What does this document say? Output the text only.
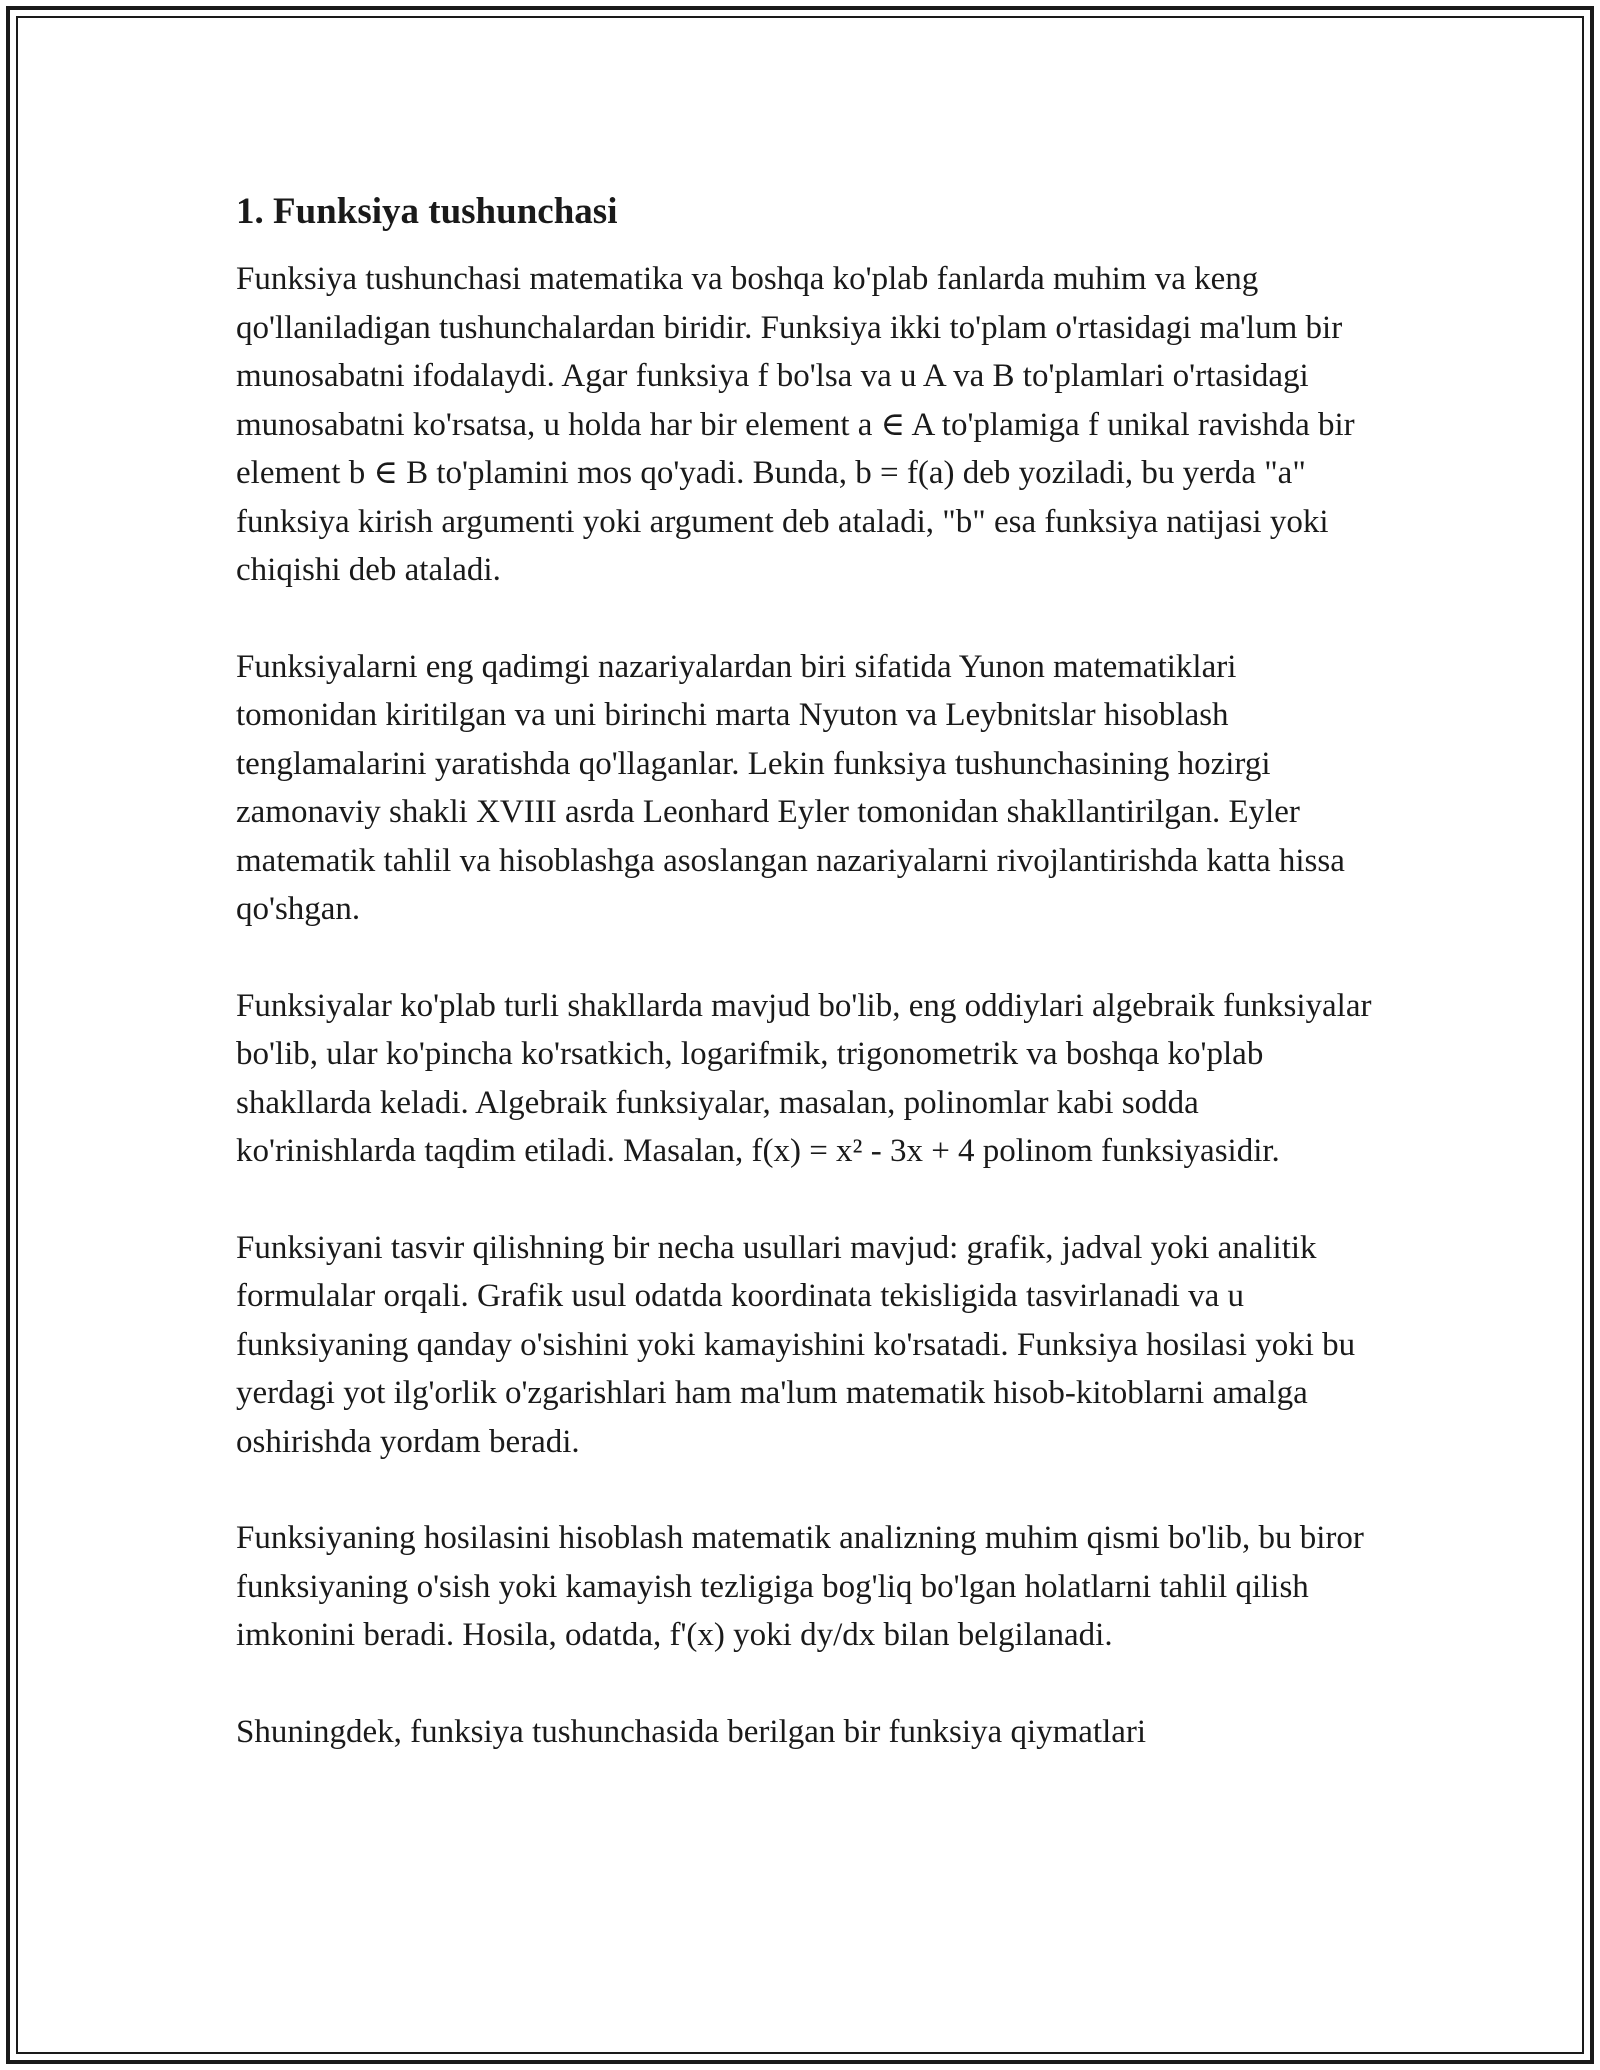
1. Funksiya tushunchasi

Funksiya tushunchasi matematika va boshqa ko'plab fanlarda muhim va keng qo'llaniladigan tushunchalardan biridir. Funksiya ikki to'plam o'rtasidagi ma'lum bir munosabatni ifodalaydi. Agar funksiya f bo'lsa va u A va B to'plamlari o'rtasidagi munosabatni ko'rsatsa, u holda har bir element a ∈ A to'plamiga f unikal ravishda bir element b ∈ B to'plamini mos qo'yadi. Bunda, b = f(a) deb yoziladi, bu yerda "a" funksiya kirish argumenti yoki argument deb ataladi, "b" esa funksiya natijasi yoki chiqishi deb ataladi.

Funksiyalarni eng qadimgi nazariyalardan biri sifatida Yunon matematiklari tomonidan kiritilgan va uni birinchi marta Nyuton va Leybnitslar hisoblash tenglamalarini yaratishda qo'llaganlar. Lekin funksiya tushunchasining hozirgi zamonaviy shakli XVIII asrda Leonhard Eyler tomonidan shakllantirilgan. Eyler matematik tahlil va hisoblashga asoslangan nazariyalarni rivojlantirishda katta hissa qo'shgan.

Funksiyalar ko'plab turli shakllarda mavjud bo'lib, eng oddiylari algebraik funksiyalar bo'lib, ular ko'pincha ko'rsatkich, logarifmik, trigonometrik va boshqa ko'plab shakllarda keladi. Algebraik funksiyalar, masalan, polinomlar kabi sodda ko'rinishlarda taqdim etiladi. Masalan, f(x) = x² - 3x + 4 polinom funksiyasidir.

Funksiyani tasvir qilishning bir necha usullari mavjud: grafik, jadval yoki analitik formulalar orqali. Grafik usul odatda koordinata tekisligida tasvirlanadi va u funksiyaning qanday o'sishini yoki kamayishini ko'rsatadi. Funksiya hosilasi yoki bu yerdagi yot ilg'orlik o'zgarishlari ham ma'lum matematik hisob-kitoblarni amalga oshirishda yordam beradi.

Funksiyaning hosilasini hisoblash matematik analizning muhim qismi bo'lib, bu biror funksiyaning o'sish yoki kamayish tezligiga bog'liq bo'lgan holatlarni tahlil qilish imkonini beradi. Hosila, odatda, f'(x) yoki dy/dx bilan belgilanadi.

Shuningdek, funksiya tushunchasida berilgan bir funksiya qiymatlari
